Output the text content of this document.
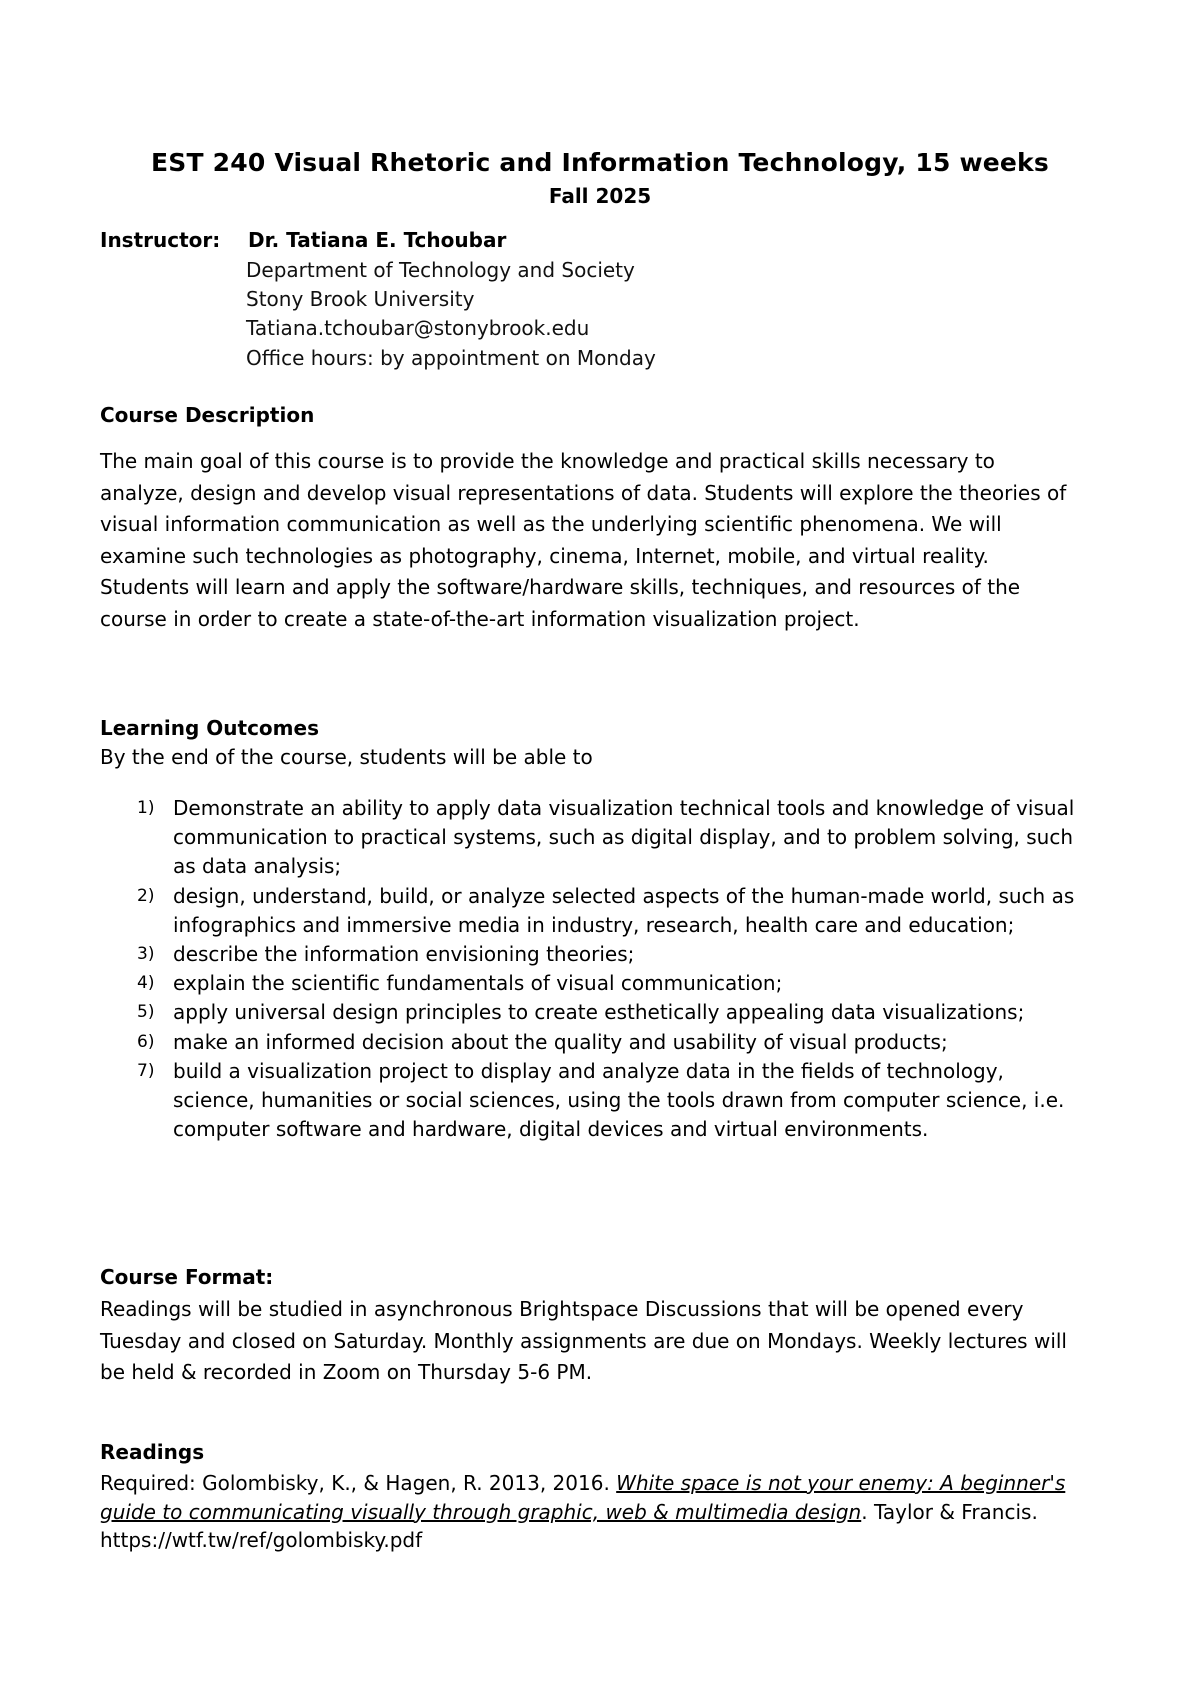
EST 240 Visual Rhetoric and Information Technology, 15 weeks
Fall 2025
Instructor: Dr. Tatiana E. Tchoubar
Department of Technology and Society
Stony Brook University
Tatiana.tchoubar@stonybrook.edu
Office hours: by appointment on Monday
Course Description
The main goal of this course is to provide the knowledge and practical skills necessary to analyze, design and develop visual representations of data. Students will explore the theories of visual information communication as well as the underlying scientific phenomena. We will examine such technologies as photography, cinema, Internet, mobile, and virtual reality. Students will learn and apply the software/hardware skills, techniques, and resources of the course in order to create a state-of-the-art information visualization project.
Learning Outcomes
By the end of the course, students will be able to
1) Demonstrate an ability to apply data visualization technical tools and knowledge of visual communication to practical systems, such as digital display, and to problem solving, such as data analysis;
2) design, understand, build, or analyze selected aspects of the human-made world, such as infographics and immersive media in industry, research, health care and education;
3) describe the information envisioning theories;
4) explain the scientific fundamentals of visual communication;
5) apply universal design principles to create esthetically appealing data visualizations;
6) make an informed decision about the quality and usability of visual products;
7) build a visualization project to display and analyze data in the fields of technology, science, humanities or social sciences, using the tools drawn from computer science, i.e. computer software and hardware, digital devices and virtual environments.
Course Format:
Readings will be studied in asynchronous Brightspace Discussions that will be opened every Tuesday and closed on Saturday. Monthly assignments are due on Mondays. Weekly lectures will be held & recorded in Zoom on Thursday 5-6 PM.
Readings
Required: Golombisky, K., & Hagen, R. 2013, 2016. White space is not your enemy: A beginner's guide to communicating visually through graphic, web & multimedia design. Taylor & Francis. https://wtf.tw/ref/golombisky.pdf
